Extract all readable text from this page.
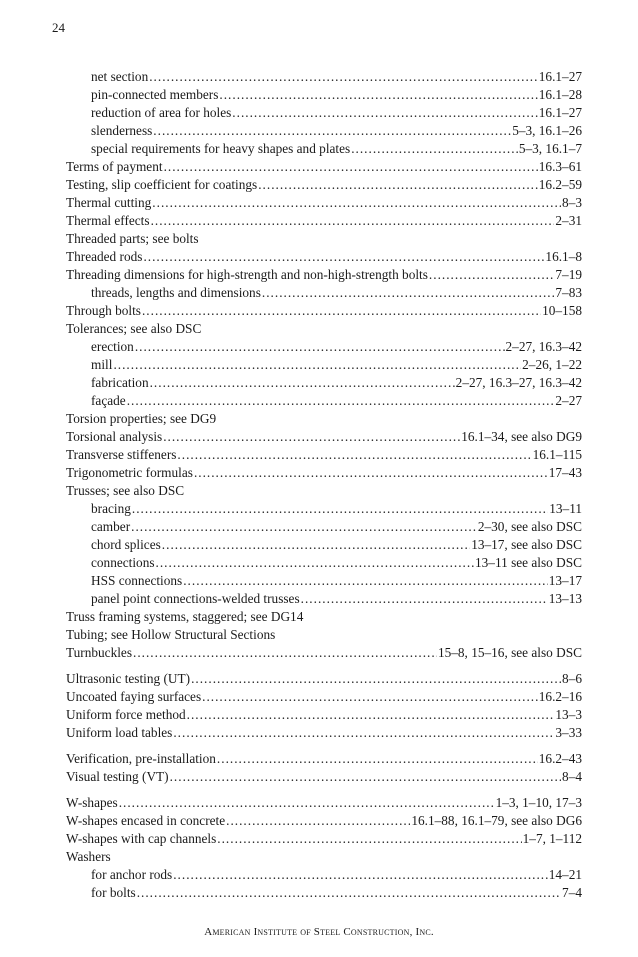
24
net section .....	16.1–27
pin-connected members .....	16.1–28
reduction of area for holes .....	16.1–27
slenderness .....	5–3, 16.1–26
special requirements for heavy shapes and plates .....	5–3, 16.1–7
Terms of payment .....	16.3–61
Testing, slip coefficient for coatings .....	16.2–59
Thermal cutting .....	8–3
Thermal effects .....	2–31
Threaded parts; see bolts
Threaded rods .....	16.1–8
Threading dimensions for high-strength and non-high-strength bolts .....	7–19
threads, lengths and dimensions .....	7–83
Through bolts .....	10–158
Tolerances; see also DSC
erection .....	2–27, 16.3–42
mill .....	2–26, 1–22
fabrication .....	2–27, 16.3–27, 16.3–42
façade .....	2–27
Torsion properties; see DG9
Torsional analysis .....	16.1–34, see also DG9
Transverse stiffeners .....	16.1–115
Trigonometric formulas .....	17–43
Trusses; see also DSC
bracing .....	13–11
camber .....	2–30, see also DSC
chord splices .....	13–17, see also DSC
connections .....	13–11 see also DSC
HSS connections .....	13–17
panel point connections-welded trusses .....	13–13
Truss framing systems, staggered; see DG14
Tubing; see Hollow Structural Sections
Turnbuckles .....	15–8, 15–16, see also DSC
Ultrasonic testing (UT) .....	8–6
Uncoated faying surfaces .....	16.2–16
Uniform force method .....	13–3
Uniform load tables .....	3–33
Verification, pre-installation .....	16.2–43
Visual testing (VT) .....	8–4
W-shapes .....	1–3, 1–10, 17–3
W-shapes encased in concrete .....	16.1–88, 16.1–79, see also DG6
W-shapes with cap channels .....	1–7, 1–112
Washers
for anchor rods .....	14–21
for bolts .....	7–4
American Institute of Steel Construction, Inc.
